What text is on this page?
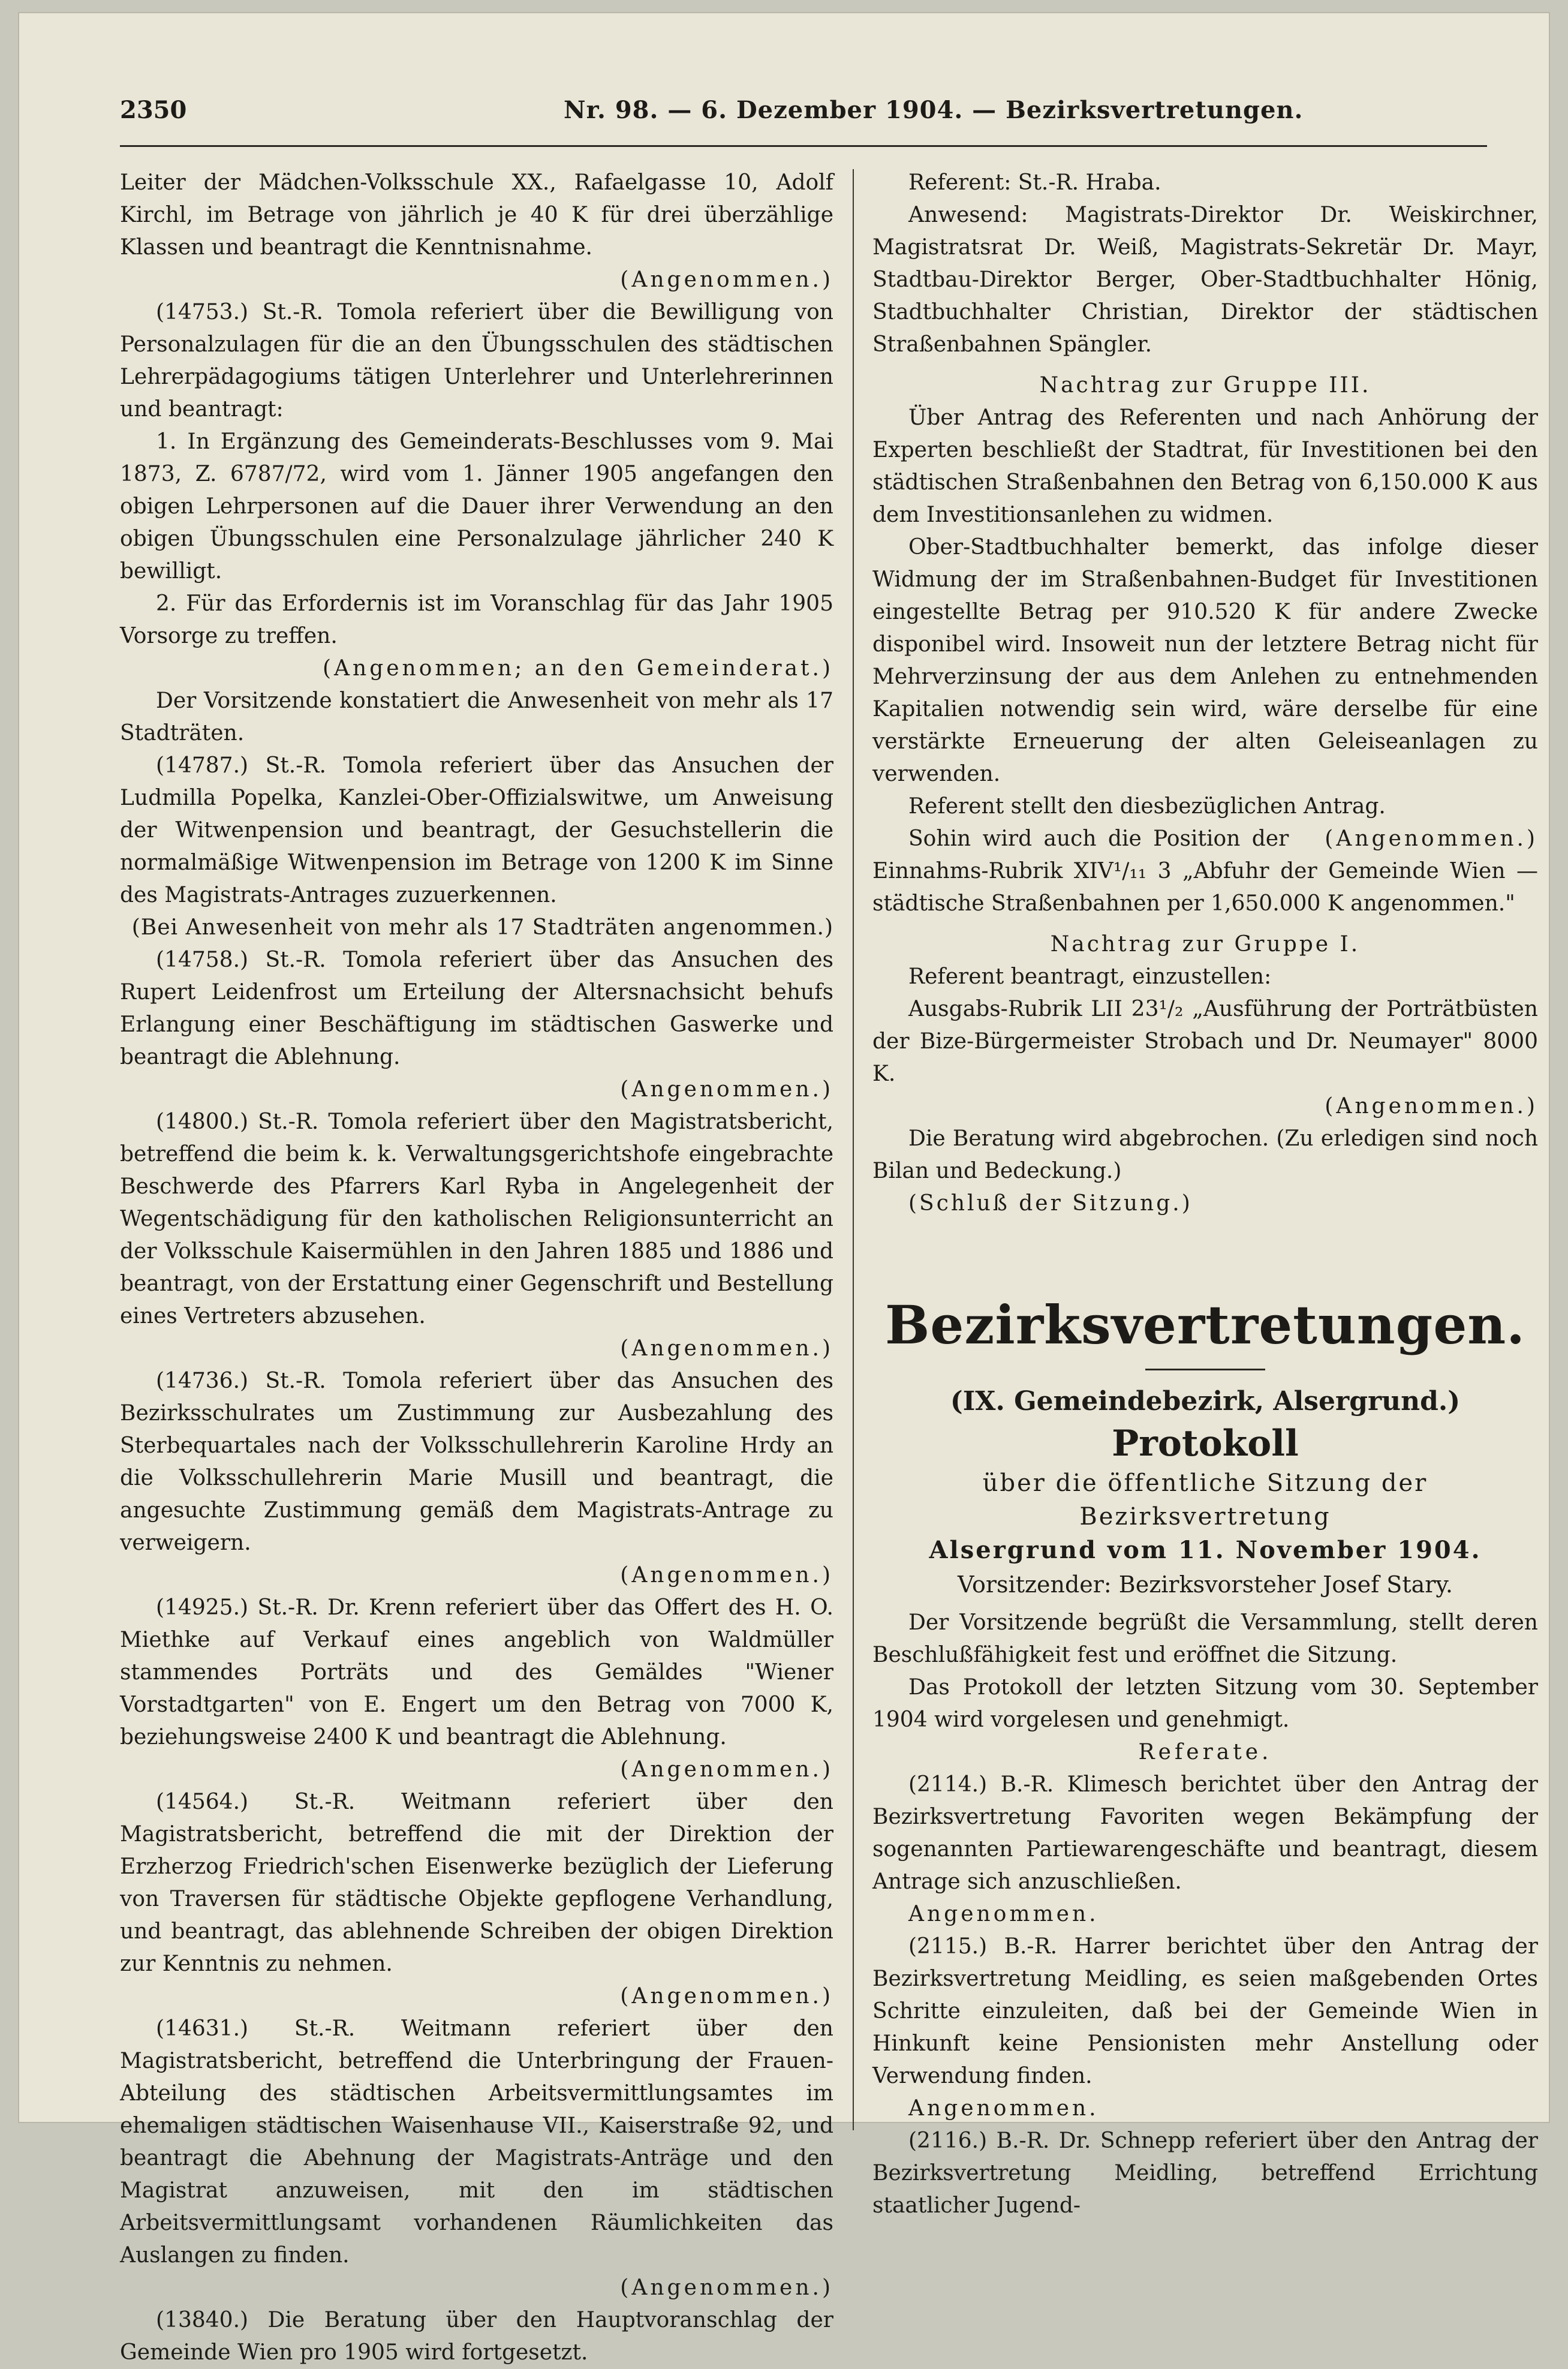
2350	Nr. 98. — 6. Dezember 1904. — Bezirksvertretungen.

Leiter der Mädchen-Volksschule XX., Rafaelgasse 10, Adolf Kirchl, im Betrage von jährlich je 40 K für drei überzählige Klassen und beantragt die Kenntnisnahme.

(Angenommen.)

(14753.) St.-R. Tomola referiert über die Bewilligung von Personalzulagen für die an den Übungsschulen des städtischen Lehrerpädagogiums tätigen Unterlehrer und Unterlehrerinnen und beantragt:

1. In Ergänzung des Gemeinderats-Beschlusses vom 9. Mai 1873, Z. 6787/72, wird vom 1. Jänner 1905 angefangen den obigen Lehrpersonen auf die Dauer ihrer Verwendung an den obigen Übungsschulen eine Personalzulage jährlicher 240 K bewilligt.

2. Für das Erfordernis ist im Voranschlag für das Jahr 1905 Vorsorge zu treffen.

(Angenommen; an den Gemeinderat.)

Der Vorsitzende konstatiert die Anwesenheit von mehr als 17 Stadträten.

(14787.) St.-R. Tomola referiert über das Ansuchen der Ludmilla Popelka, Kanzlei-Ober-Offizialswitwe, um Anweisung der Witwenpension und beantragt, der Gesuchstellerin die normalmäßige Witwenpension im Betrage von 1200 K im Sinne des Magistrats-Antrages zuzuerkennen.

(Bei Anwesenheit von mehr als 17 Stadträten angenommen.)

(14758.) St.-R. Tomola referiert über das Ansuchen des Rupert Leidenfrost um Erteilung der Altersnachsicht behufs Erlangung einer Beschäftigung im städtischen Gaswerke und beantragt die Ablehnung.

(Angenommen.)

(14800.) St.-R. Tomola referiert über den Magistratsbericht, betreffend die beim k. k. Verwaltungsgerichtshofe eingebrachte Beschwerde des Pfarrers Karl Ryba in Angelegenheit der Wegentschädigung für den katholischen Religionsunterricht an der Volksschule Kaisermühlen in den Jahren 1885 und 1886 und beantragt, von der Erstattung einer Gegenschrift und Bestellung eines Vertreters abzusehen.

(Angenommen.)

(14736.) St.-R. Tomola referiert über das Ansuchen des Bezirksschulrates um Zustimmung zur Ausbezahlung des Sterbequartales nach der Volksschullehrerin Karoline Hrdy an die Volksschullehrerin Marie Musill und beantragt, die angesuchte Zustimmung gemäß dem Magistrats-Antrage zu verweigern.

(Angenommen.)

(14925.) St.-R. Dr. Krenn referiert über das Offert des H. O. Miethke auf Verkauf eines angeblich von Waldmüller stammendes Porträts und des Gemäldes "Wiener Vorstadtgarten" von E. Engert um den Betrag von 7000 K, beziehungsweise 2400 K und beantragt die Ablehnung.

(Angenommen.)

(14564.) St.-R. Weitmann referiert über den Magistratsbericht, betreffend die mit der Direktion der Erzherzog Friedrich'schen Eisenwerke bezüglich der Lieferung von Traversen für städtische Objekte gepflogene Verhandlung, und beantragt, das ablehnende Schreiben der obigen Direktion zur Kenntnis zu nehmen.

(Angenommen.)

(14631.) St.-R. Weitmann referiert über den Magistratsbericht, betreffend die Unterbringung der Frauen-Abteilung des städtischen Arbeitsvermittlungsamtes im ehemaligen städtischen Waisenhause VII., Kaiserstraße 92, und beantragt die Abehnung der Magistrats-Anträge und den Magistrat anzuweisen, mit den im städtischen Arbeitsvermittlungsamt vorhandenen Räumlichkeiten das Auslangen zu finden.

(Angenommen.)

(13840.) Die Beratung über den Hauptvoranschlag der Gemeinde Wien pro 1905 wird fortgesetzt.

Referent: St.-R. Hraba.

Anwesend: Magistrats-Direktor Dr. Weiskirchner, Magistratsrat Dr. Weiß, Magistrats-Sekretär Dr. Mayr, Stadtbau-Direktor Berger, Ober-Stadtbuchhalter Hönig, Stadtbuchhalter Christian, Direktor der städtischen Straßenbahnen Spängler.

Nachtrag zur Gruppe III.

Über Antrag des Referenten und nach Anhörung der Experten beschließt der Stadtrat, für Investitionen bei den städtischen Straßenbahnen den Betrag von 6,150.000 K aus dem Investitionsanlehen zu widmen.

Ober-Stadtbuchhalter bemerkt, das infolge dieser Widmung der im Straßenbahnen-Budget für Investitionen eingestellte Betrag per 910.520 K für andere Zwecke disponibel wird. Insoweit nun der letztere Betrag nicht für Mehrverzinsung der aus dem Anlehen zu entnehmenden Kapitalien notwendig sein wird, wäre derselbe für eine verstärkte Erneuerung der alten Geleiseanlagen zu verwenden.

Referent stellt den diesbezüglichen Antrag.
(Angenommen.)

Sohin wird auch die Position der Einnahms-Rubrik XIV¹/₁₁ 3 „Abfuhr der Gemeinde Wien — städtische Straßenbahnen per 1,650.000 K angenommen."

Nachtrag zur Gruppe I.

Referent beantragt, einzustellen:

Ausgabs-Rubrik LII 23¹/₂ „Ausführung der Porträtbüsten der Bize-Bürgermeister Strobach und Dr. Neumayer" 8000 K.

(Angenommen.)

Die Beratung wird abgebrochen. (Zu erledigen sind noch Bilan und Bedeckung.)

(Schluß der Sitzung.)

Bezirksvertretungen.
(IX. Gemeindebezirk, Alsergrund.)
Protokoll

über die öffentliche Sitzung der Bezirksvertretung

Alsergrund vom 11. November 1904.

Vorsitzender: Bezirksvorsteher Josef Stary.

Der Vorsitzende begrüßt die Versammlung, stellt deren Beschlußfähigkeit fest und eröffnet die Sitzung.

Das Protokoll der letzten Sitzung vom 30. September 1904 wird vorgelesen und genehmigt.

Referate.

(2114.) B.-R. Klimesch berichtet über den Antrag der Bezirksvertretung Favoriten wegen Bekämpfung der sogenannten Partiewarengeschäfte und beantragt, diesem Antrage sich anzuschließen.

Angenommen.

(2115.) B.-R. Harrer berichtet über den Antrag der Bezirksvertretung Meidling, es seien maßgebenden Ortes Schritte einzuleiten, daß bei der Gemeinde Wien in Hinkunft keine Pensionisten mehr Anstellung oder Verwendung finden.

Angenommen.

(2116.) B.-R. Dr. Schnepp referiert über den Antrag der Bezirksvertretung Meidling, betreffend Errichtung staatlicher Jugend-
